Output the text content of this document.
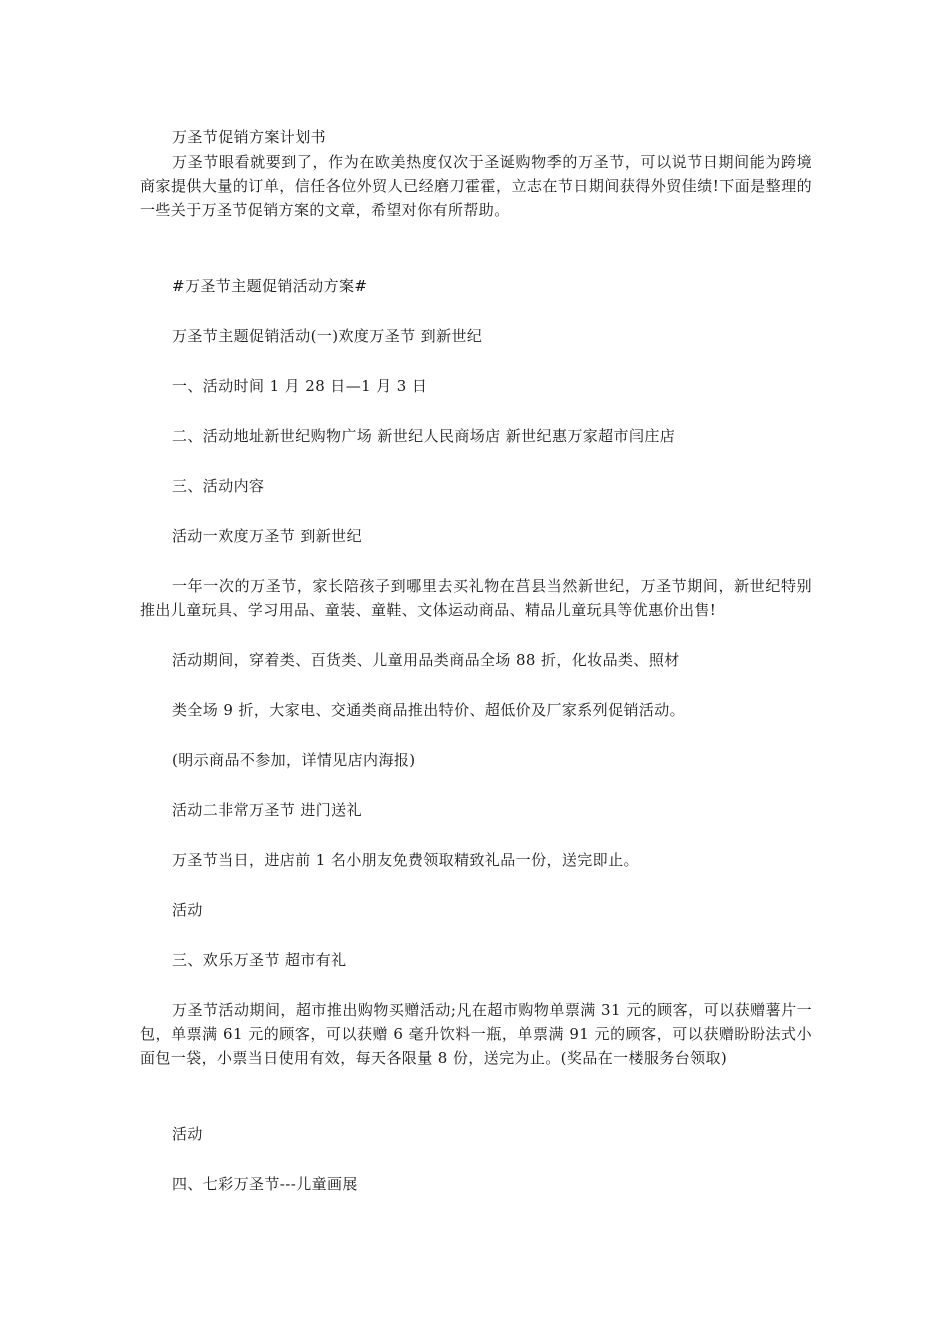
万圣节促销方案计划书
万圣节眼看就要到了，作为在欧美热度仅次于圣诞购物季的万圣节，可以说节日期间能为跨境商家提供大量的订单，信任各位外贸人已经磨刀霍霍，立志在节日期间获得外贸佳绩!下面是整理的一些关于万圣节促销方案的文章，希望对你有所帮助。
#万圣节主题促销活动方案#
万圣节主题促销活动(一)欢度万圣节 到新世纪
一、活动时间 1 月 28 日—1 月 3 日
二、活动地址新世纪购物广场 新世纪人民商场店 新世纪惠万家超市闫庄店
三、活动内容
活动一欢度万圣节 到新世纪
一年一次的万圣节，家长陪孩子到哪里去买礼物在莒县当然新世纪，万圣节期间，新世纪特别推出儿童玩具、学习用品、童装、童鞋、文体运动商品、精品儿童玩具等优惠价出售!
活动期间，穿着类、百货类、儿童用品类商品全场 88 折，化妆品类、照材
类全场 9 折，大家电、交通类商品推出特价、超低价及厂家系列促销活动。
(明示商品不参加，详情见店内海报)
活动二非常万圣节 进门送礼
万圣节当日，进店前 1 名小朋友免费领取精致礼品一份，送完即止。
活动
三、欢乐万圣节 超市有礼
万圣节活动期间，超市推出购物买赠活动;凡在超市购物单票满 31 元的顾客，可以获赠薯片一包，单票满 61 元的顾客，可以获赠 6 毫升饮料一瓶，单票满 91 元的顾客，可以获赠盼盼法式小面包一袋，小票当日使用有效，每天各限量 8 份，送完为止。(奖品在一楼服务台领取)
活动
四、七彩万圣节---儿童画展
